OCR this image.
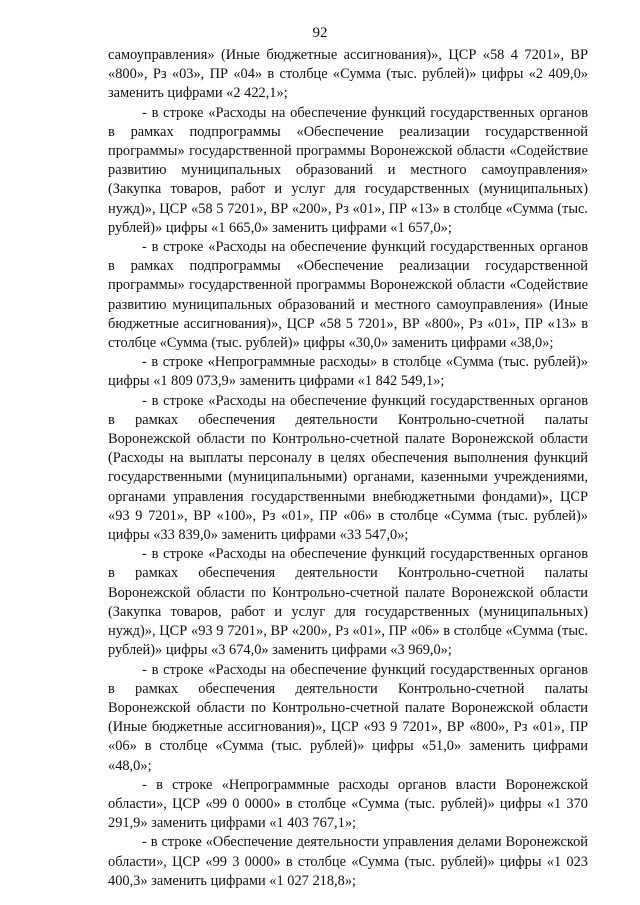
92

самоуправления» (Иные бюджетные ассигнования)», ЦСР «58 4 7201», ВР «800», Рз «03», ПР «04» в столбце «Сумма (тыс. рублей)» цифры «2 409,0» заменить цифрами «2 422,1»;

- в строке «Расходы на обеспечение функций государственных органов в рамках подпрограммы «Обеспечение реализации государственной программы» государственной программы Воронежской области «Содействие развитию муниципальных образований и местного самоуправления» (Закупка товаров, работ и услуг для государственных (муниципальных) нужд)», ЦСР «58 5 7201», ВР «200», Рз «01», ПР «13» в столбце «Сумма (тыс. рублей)» цифры «1 665,0» заменить цифрами «1 657,0»;

- в строке «Расходы на обеспечение функций государственных органов в рамках подпрограммы «Обеспечение реализации государственной программы» государственной программы Воронежской области «Содействие развитию муниципальных образований и местного самоуправления» (Иные бюджетные ассигнования)», ЦСР «58 5 7201», ВР «800», Рз «01», ПР «13» в столбце «Сумма (тыс. рублей)» цифры «30,0» заменить цифрами «38,0»;

- в строке «Непрограммные расходы» в столбце «Сумма (тыс. рублей)» цифры «1 809 073,9» заменить цифрами «1 842 549,1»;

- в строке «Расходы на обеспечение функций государственных органов в рамках обеспечения деятельности Контрольно-счетной палаты Воронежской области по Контрольно-счетной палате Воронежской области (Расходы на выплаты персоналу в целях обеспечения выполнения функций государственными (муниципальными) органами, казенными учреждениями, органами управления государственными внебюджетными фондами)», ЦСР «93 9 7201», ВР «100», Рз «01», ПР «06» в столбце «Сумма (тыс. рублей)» цифры «33 839,0» заменить цифрами «33 547,0»;

- в строке «Расходы на обеспечение функций государственных органов в рамках обеспечения деятельности Контрольно-счетной палаты Воронежской области по Контрольно-счетной палате Воронежской области (Закупка товаров, работ и услуг для государственных (муниципальных) нужд)», ЦСР «93 9 7201», ВР «200», Рз «01», ПР «06» в столбце «Сумма (тыс. рублей)» цифры «3 674,0» заменить цифрами «3 969,0»;

- в строке «Расходы на обеспечение функций государственных органов в рамках обеспечения деятельности Контрольно-счетной палаты Воронежской области по Контрольно-счетной палате Воронежской области (Иные бюджетные ассигнования)», ЦСР «93 9 7201», ВР «800», Рз «01», ПР «06» в столбце «Сумма (тыс. рублей)» цифры «51,0» заменить цифрами «48,0»;

- в строке «Непрограммные расходы органов власти Воронежской области», ЦСР «99 0 0000» в столбце «Сумма (тыс. рублей)» цифры «1 370 291,9» заменить цифрами «1 403 767,1»;

- в строке «Обеспечение деятельности управления делами Воронежской области», ЦСР «99 3 0000» в столбце «Сумма (тыс. рублей)» цифры «1 023 400,3» заменить цифрами «1 027 218,8»;
